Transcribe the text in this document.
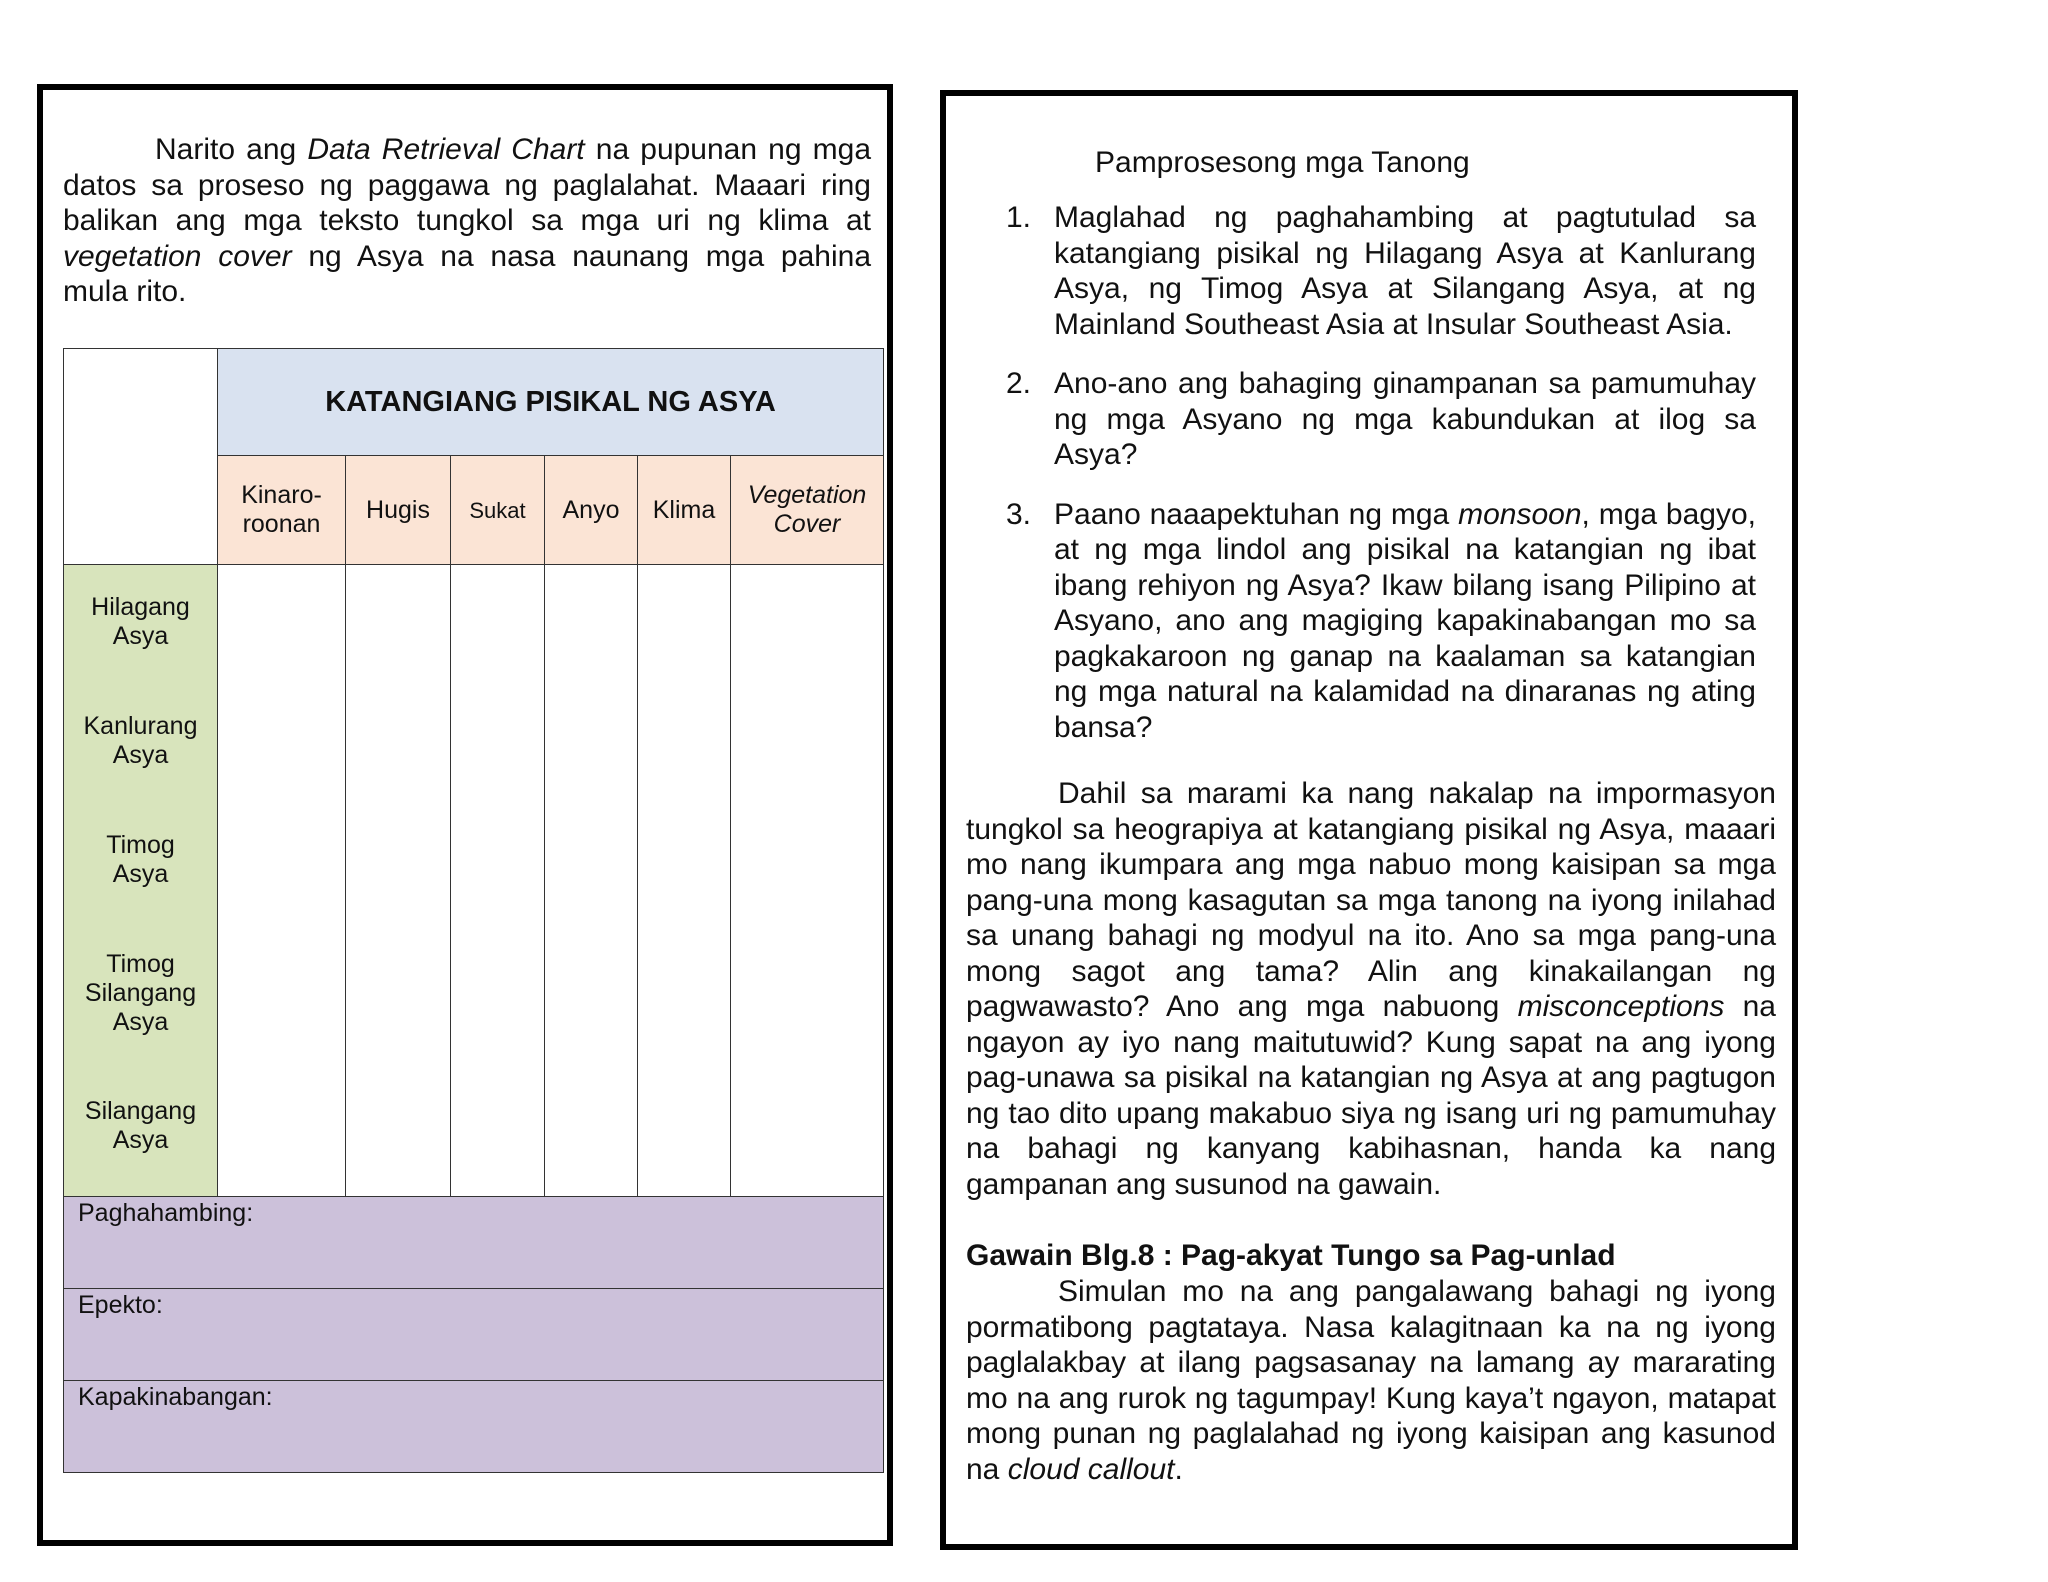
Narito ang Data Retrieval Chart na pupunan ng mga datos sa proseso ng paggawa ng paglalahat. Maaari ring balikan ang mga teksto tungkol sa mga uri ng klima at vegetation cover ng Asya na nasa naunang mga pahina mula rito.

	KATANGIANG PISIKAL NG ASYA					
	Kinaro-
roonan	Hugis	Sukat	Anyo	Klima	Vegetation Cover

Hilagang Asya
Kanlurang Asya
Timog Asya
Timog Silangang Asya
Silangang Asya						

Paghahambing:						
Epekto:						
Kapakinabangan:						

Pamprosesong mga Tanong

1. Maglahad ng paghahambing at pagtutulad sa katangiang pisikal ng Hilagang Asya at Kanlurang Asya, ng Timog Asya at Silangang Asya, at ng Mainland Southeast Asia at Insular Southeast Asia.
2. Ano-ano ang bahaging ginampanan sa pamumuhay ng mga Asyano ng mga kabundukan at ilog sa Asya?
3. Paano naaapektuhan ng mga monsoon, mga bagyo, at ng mga lindol ang pisikal na katangian ng ibat ibang rehiyon ng Asya? Ikaw bilang isang Pilipino at Asyano, ano ang magiging kapakinabangan mo sa pagkakaroon ng ganap na kaalaman sa katangian ng mga natural na kalamidad na dinaranas ng ating bansa?

Dahil sa marami ka nang nakalap na impormasyon tungkol sa heograpiya at katangiang pisikal ng Asya, maaari mo nang ikumpara ang mga nabuo mong kaisipan sa mga pang-una mong kasagutan sa mga tanong na iyong inilahad sa unang bahagi ng modyul na ito. Ano sa mga pang-una mong sagot ang tama? Alin ang kinakailangan ng pagwawasto? Ano ang mga nabuong misconceptions na ngayon ay iyo nang maitutuwid? Kung sapat na ang iyong pag-unawa sa pisikal na katangian ng Asya at ang pagtugon ng tao dito upang makabuo siya ng isang uri ng pamumuhay na bahagi ng kanyang kabihasnan, handa ka nang gampanan ang susunod na gawain.

Gawain Blg.8 : Pag-akyat Tungo sa Pag-unlad

Simulan mo na ang pangalawang bahagi ng iyong pormatibong pagtataya. Nasa kalagitnaan ka na ng iyong paglalakbay at ilang pagsasanay na lamang ay mararating mo na ang rurok ng tagumpay! Kung kaya’t ngayon, matapat mong punan ng paglalahad ng iyong kaisipan ang kasunod na cloud callout.
